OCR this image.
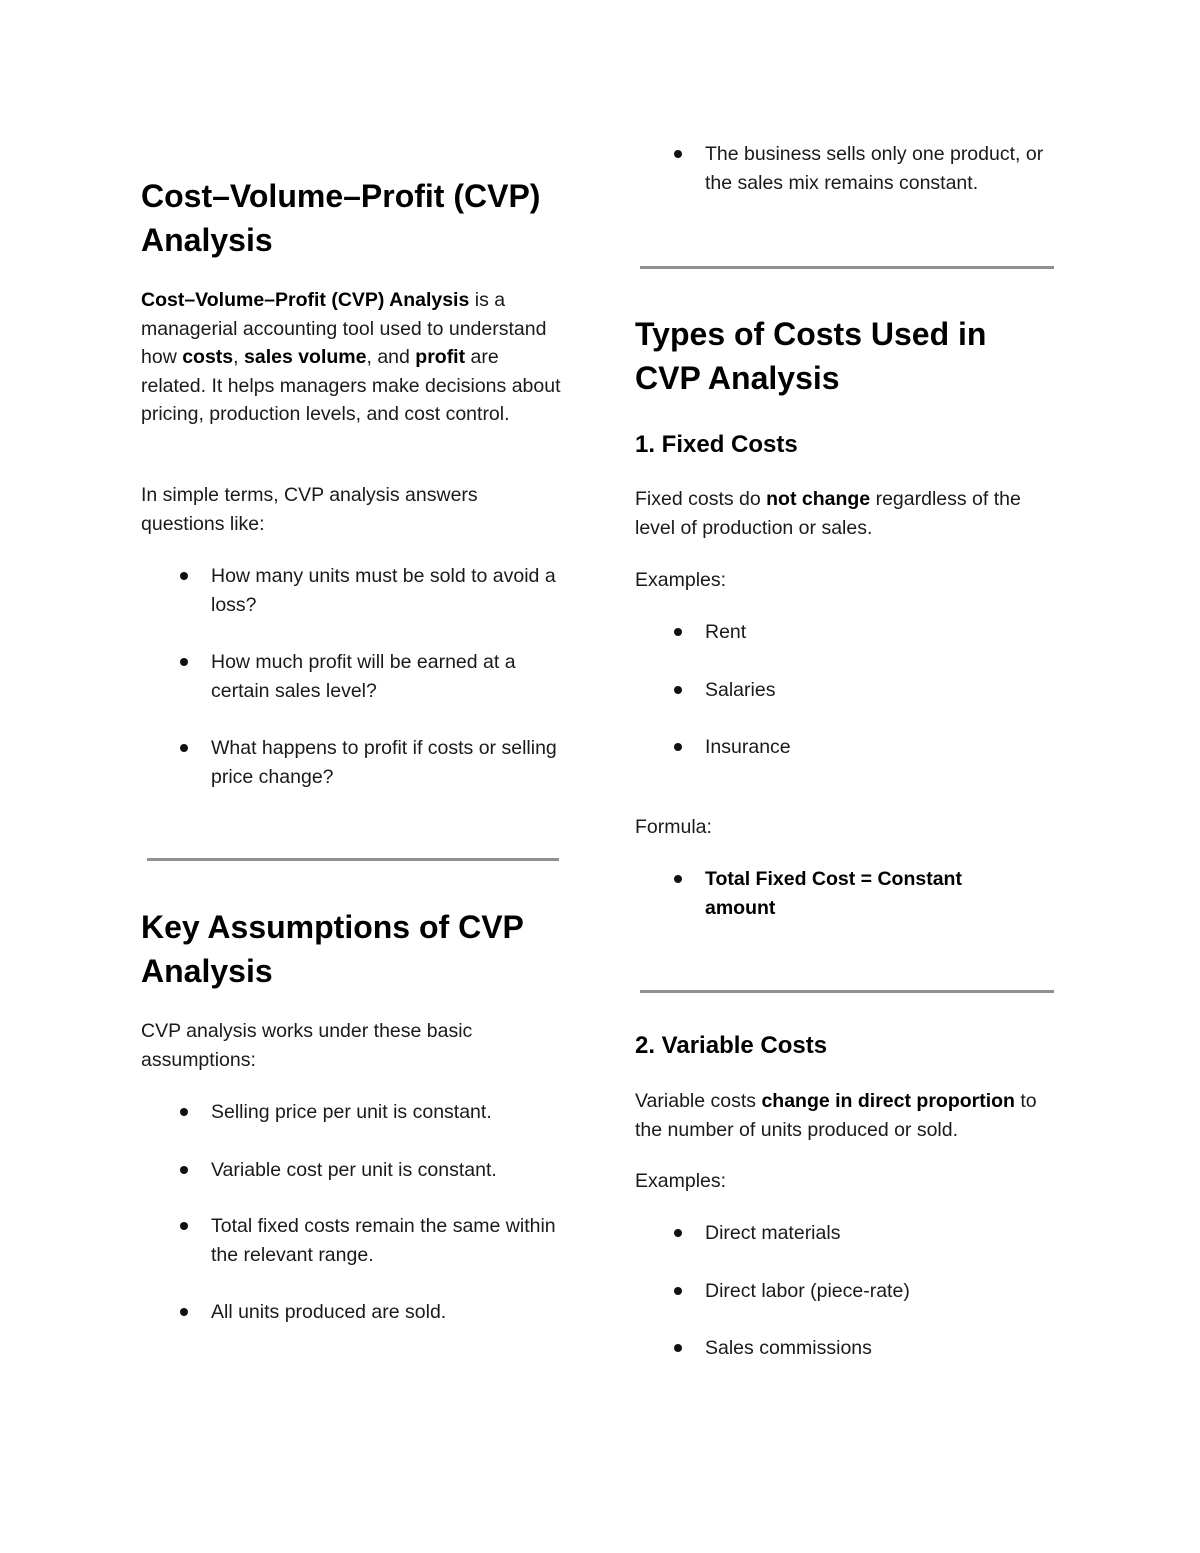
Cost–Volume–Profit (CVP) Analysis

Cost–Volume–Profit (CVP) Analysis is a managerial accounting tool used to understand how costs, sales volume, and profit are related. It helps managers make decisions about pricing, production levels, and cost control.

In simple terms, CVP analysis answers questions like:

How many units must be sold to avoid a loss?
How much profit will be earned at a certain sales level?
What happens to profit if costs or selling price change?
Key Assumptions of CVP Analysis

CVP analysis works under these basic assumptions:

Selling price per unit is constant.
Variable cost per unit is constant.
Total fixed costs remain the same within the relevant range.
All units produced are sold.
The business sells only one product, or the sales mix remains constant.
Types of Costs Used in CVP Analysis
1. Fixed Costs

Fixed costs do not change regardless of the level of production or sales.

Examples:

Rent
Salaries
Insurance

Formula:

Total Fixed Cost = Constant amount
2. Variable Costs

Variable costs change in direct proportion to the number of units produced or sold.

Examples:

Direct materials
Direct labor (piece-rate)
Sales commissions
